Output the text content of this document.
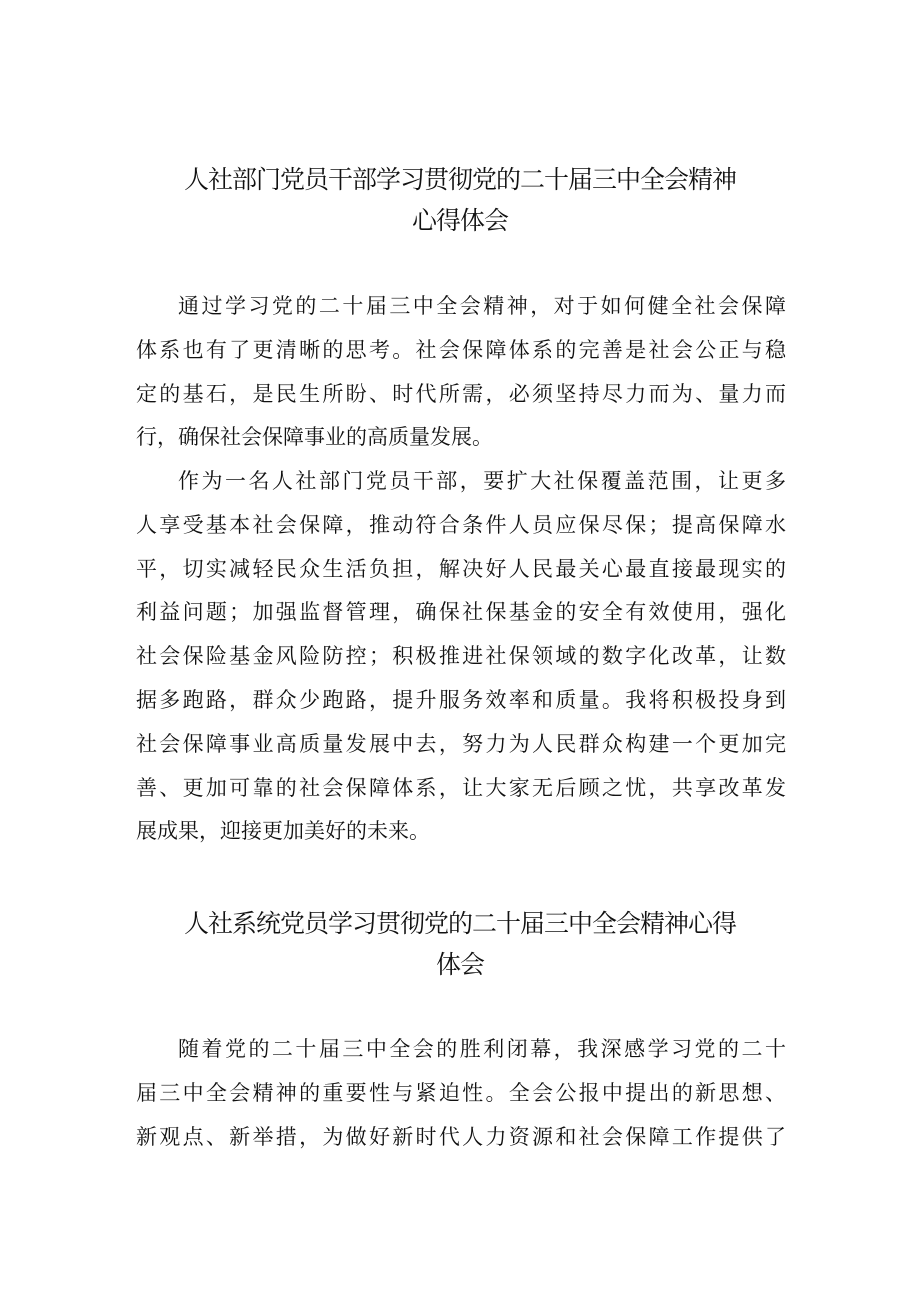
人社部门党员干部学习贯彻党的二十届三中全会精神
心得体会
通过学习党的二十届三中全会精神，对于如何健全社会保障
体系也有了更清晰的思考。社会保障体系的完善是社会公正与稳
定的基石，是民生所盼、时代所需，必须坚持尽力而为、量力而
行，确保社会保障事业的高质量发展。
作为一名人社部门党员干部，要扩大社保覆盖范围，让更多
人享受基本社会保障，推动符合条件人员应保尽保；提高保障水
平，切实减轻民众生活负担，解决好人民最关心最直接最现实的
利益问题；加强监督管理，确保社保基金的安全有效使用，强化
社会保险基金风险防控；积极推进社保领域的数字化改革，让数
据多跑路，群众少跑路，提升服务效率和质量。我将积极投身到
社会保障事业高质量发展中去，努力为人民群众构建一个更加完
善、更加可靠的社会保障体系，让大家无后顾之忧，共享改革发
展成果，迎接更加美好的未来。
人社系统党员学习贯彻党的二十届三中全会精神心得
体会
随着党的二十届三中全会的胜利闭幕，我深感学习党的二十
届三中全会精神的重要性与紧迫性。全会公报中提出的新思想、
新观点、新举措，为做好新时代人力资源和社会保障工作提供了
